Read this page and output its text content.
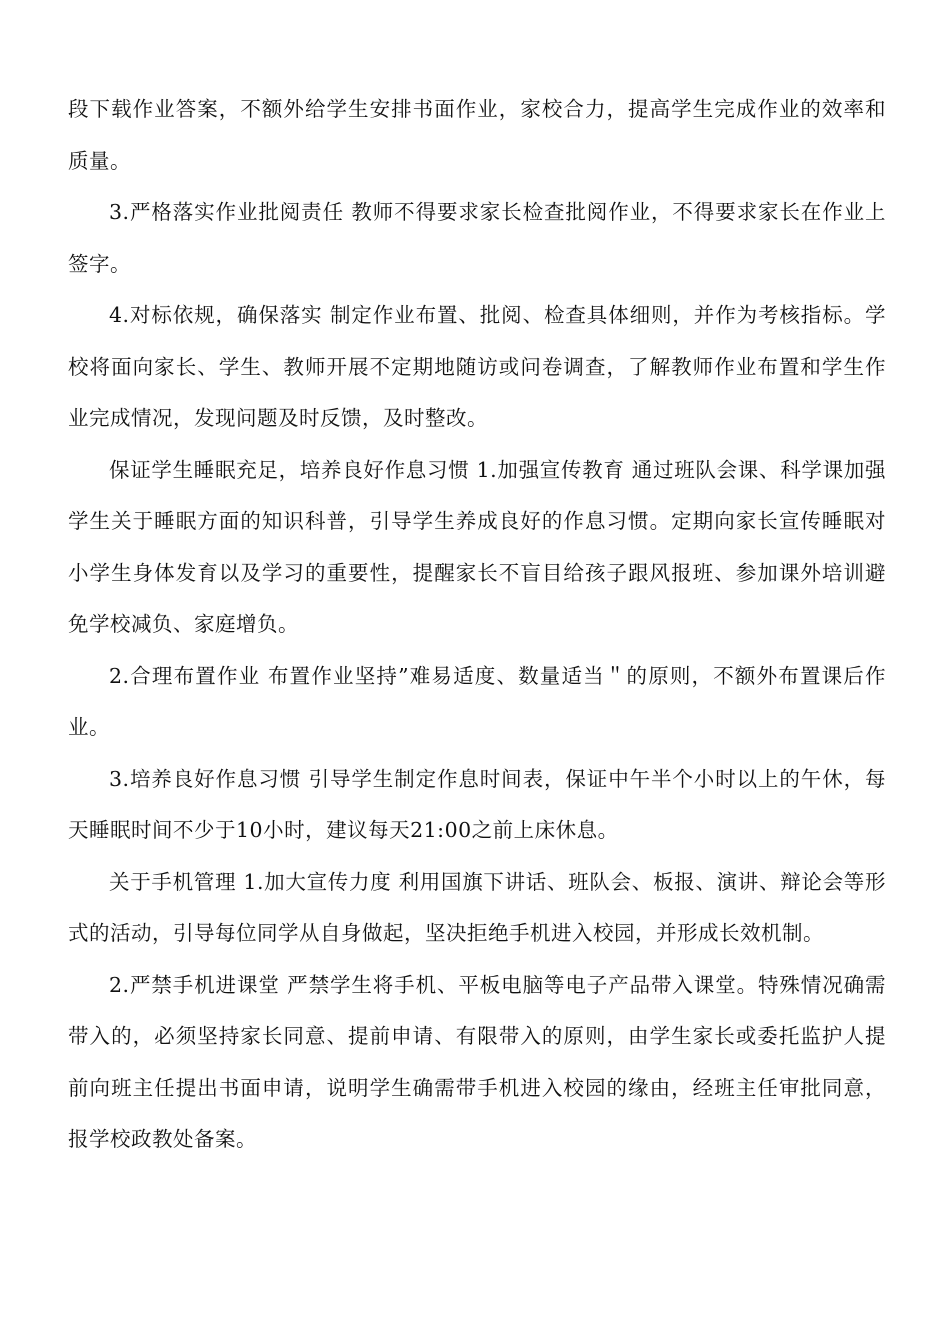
段下载作业答案，不额外给学生安排书面作业，家校合力，提高学生完成作业的效率和质量。

3.严格落实作业批阅责任 教师不得要求家长检查批阅作业，不得要求家长在作业上签字。

4.对标依规，确保落实 制定作业布置、批阅、检查具体细则，并作为考核指标。学校将面向家长、学生、教师开展不定期地随访或问卷调查，了解教师作业布置和学生作业完成情况，发现问题及时反馈，及时整改。

保证学生睡眠充足，培养良好作息习惯 1.加强宣传教育 通过班队会课、科学课加强学生关于睡眠方面的知识科普，引导学生养成良好的作息习惯。定期向家长宣传睡眠对小学生身体发育以及学习的重要性，提醒家长不盲目给孩子跟风报班、参加课外培训避免学校减负、家庭增负。

2.合理布置作业 布置作业坚持”难易适度、数量适当＂的原则，不额外布置课后作业。

3.培养良好作息习惯 引导学生制定作息时间表，保证中午半个小时以上的午休，每天睡眠时间不少于10小时，建议每天21:00之前上床休息。

关于手机管理 1.加大宣传力度 利用国旗下讲话、班队会、板报、演讲、辩论会等形式的活动，引导每位同学从自身做起，坚决拒绝手机进入校园，并形成长效机制。

2.严禁手机进课堂 严禁学生将手机、平板电脑等电子产品带入课堂。特殊情况确需带入的，必须坚持家长同意、提前申请、有限带入的原则，由学生家长或委托监护人提前向班主任提出书面申请，说明学生确需带手机进入校园的缘由，经班主任审批同意，报学校政教处备案。
